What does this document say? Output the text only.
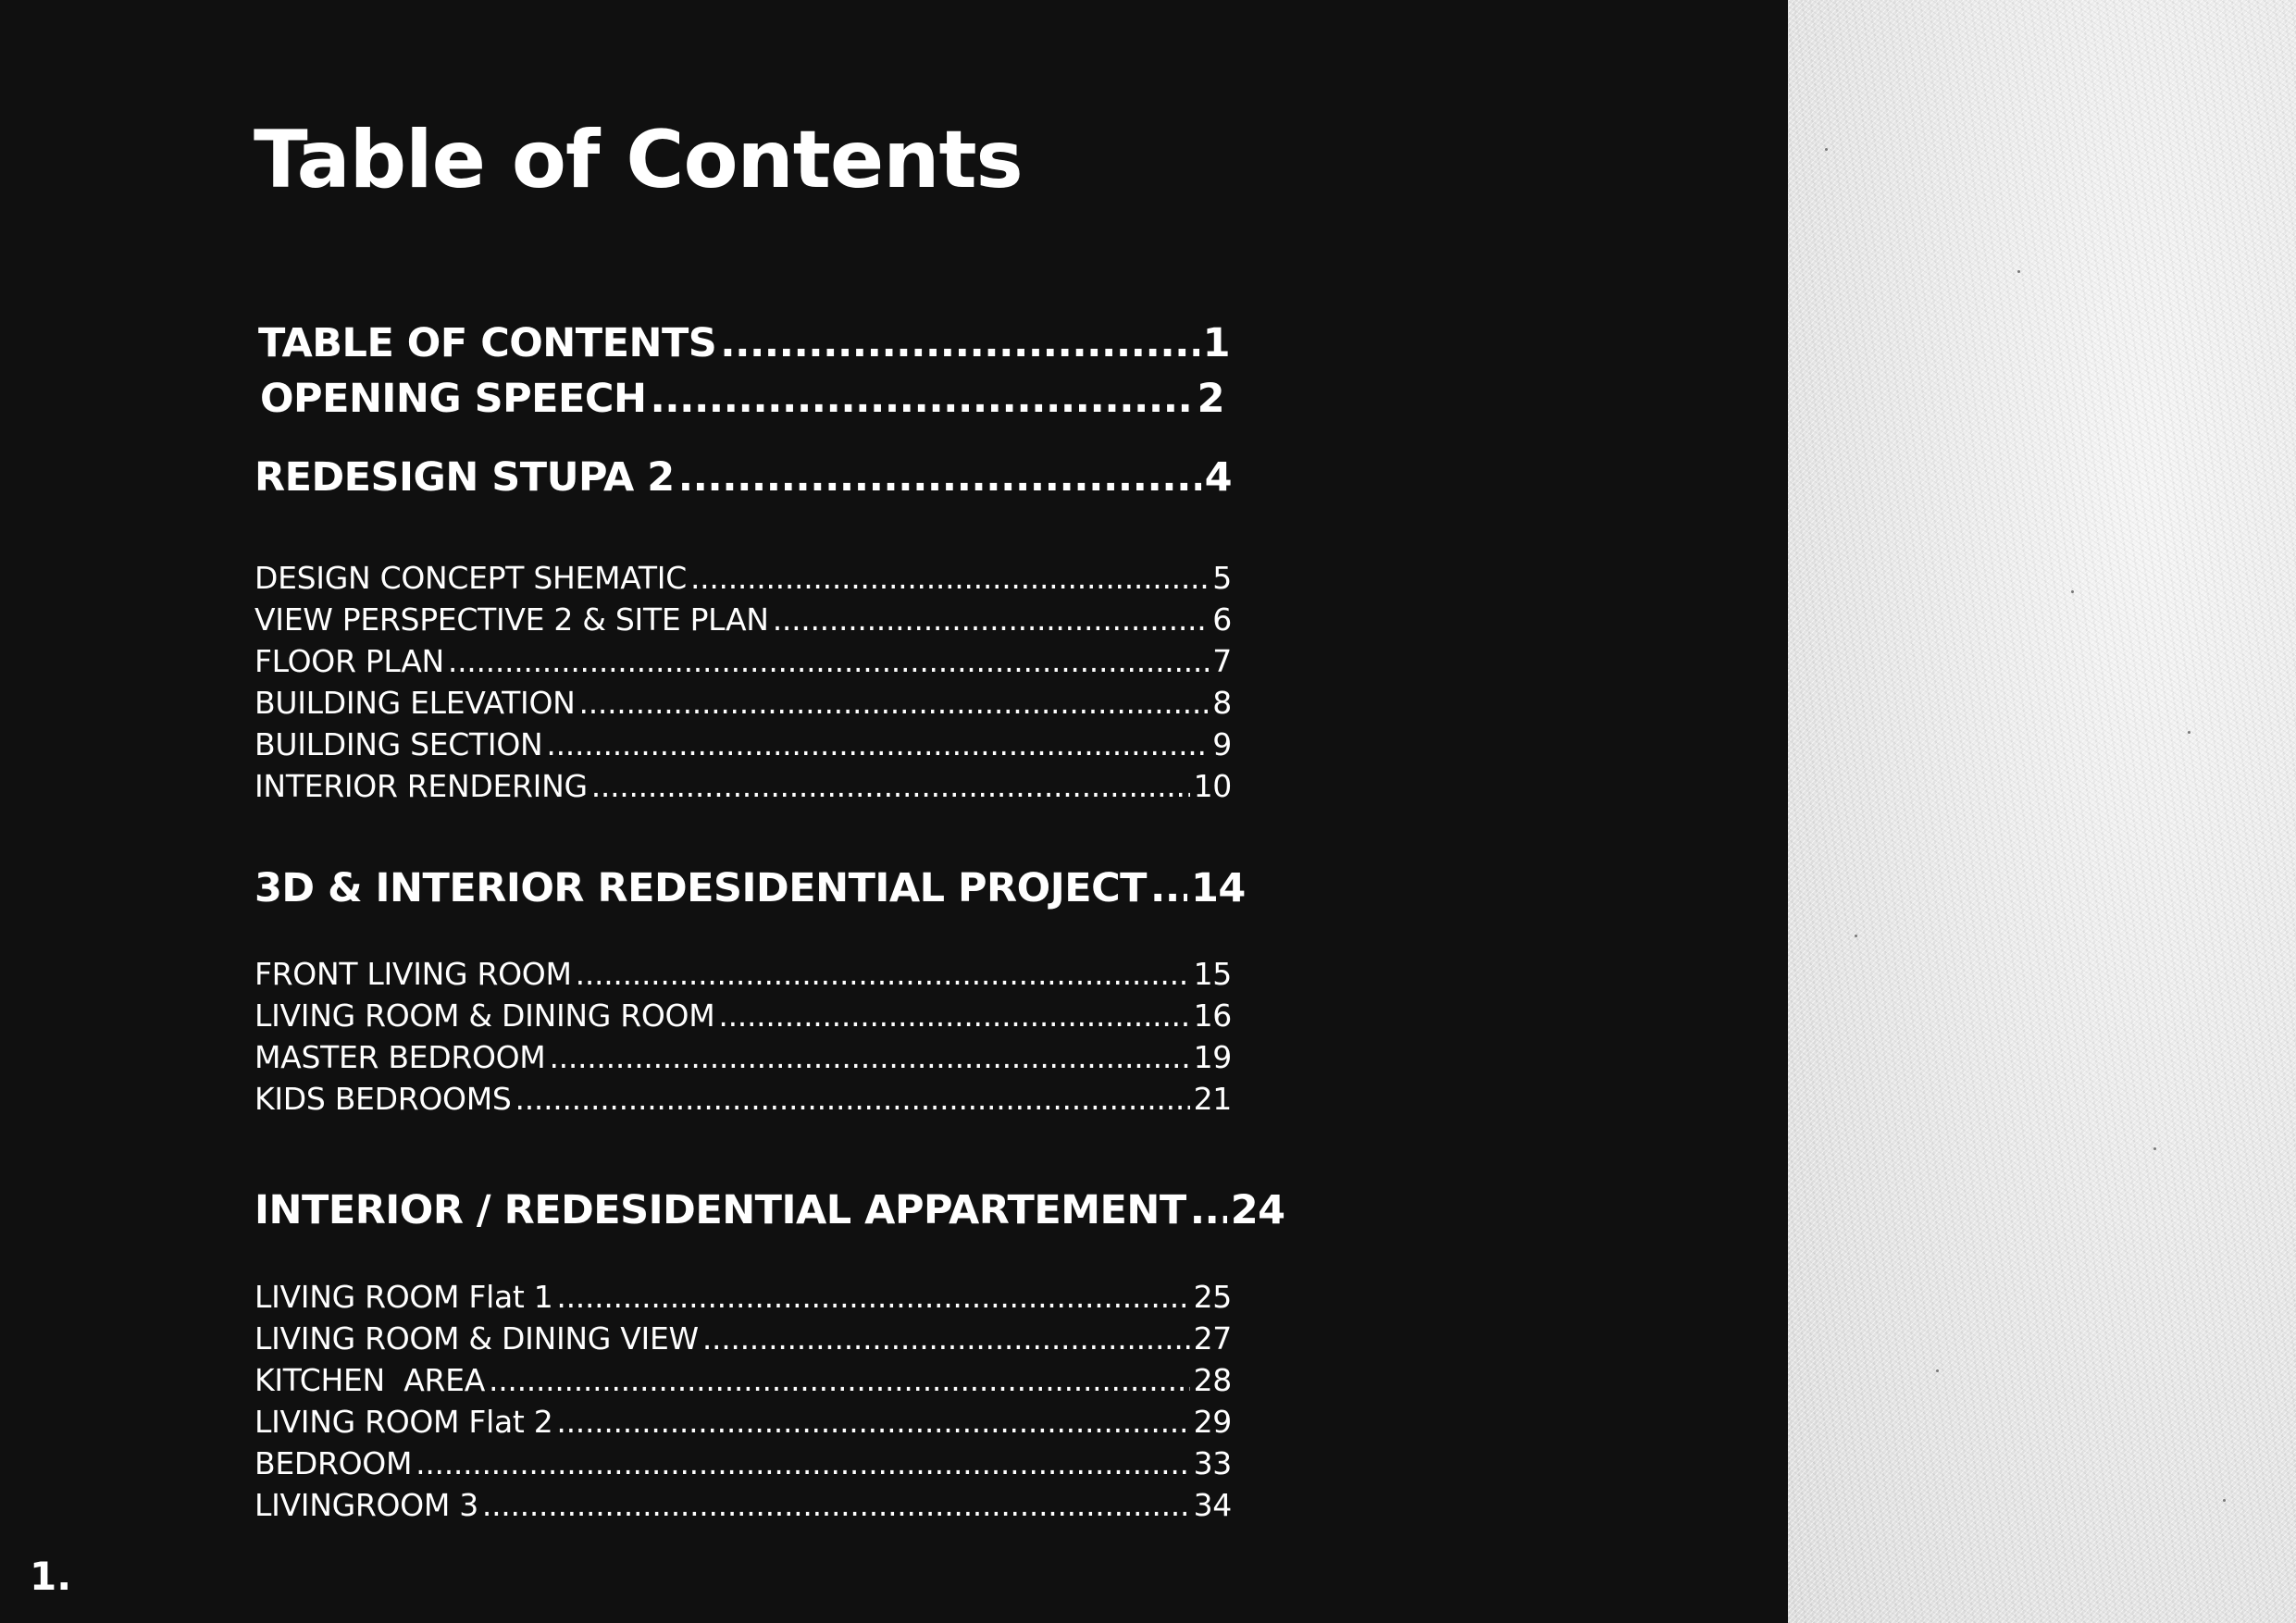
Table of Contents
TABLE OF CONTENTS .....	1
OPENING SPEECH .....	2
REDESIGN STUPA 2 .....	4
DESIGN CONCEPT SHEMATIC .....	5
VIEW PERSPECTIVE 2 & SITE PLAN .....	6
FLOOR PLAN .....	7
BUILDING ELEVATION .....	8
BUILDING SECTION .....	9
INTERIOR RENDERING .....	10
3D & INTERIOR REDESIDENTIAL PROJECT ..... 14
FRONT LIVING ROOM .....	15
LIVING ROOM & DINING ROOM .....	16
MASTER BEDROOM .....	19
KIDS BEDROOMS .....	21
INTERIOR / REDESIDENTIAL APPARTEMENT ..... 24
LIVING ROOM Flat 1 .....	25
LIVING ROOM & DINING VIEW .....	27
KITCHEN  AREA .....	28
LIVING ROOM Flat 2 .....	29
BEDROOM .....	33
LIVINGROOM 3 .....	34
1.
